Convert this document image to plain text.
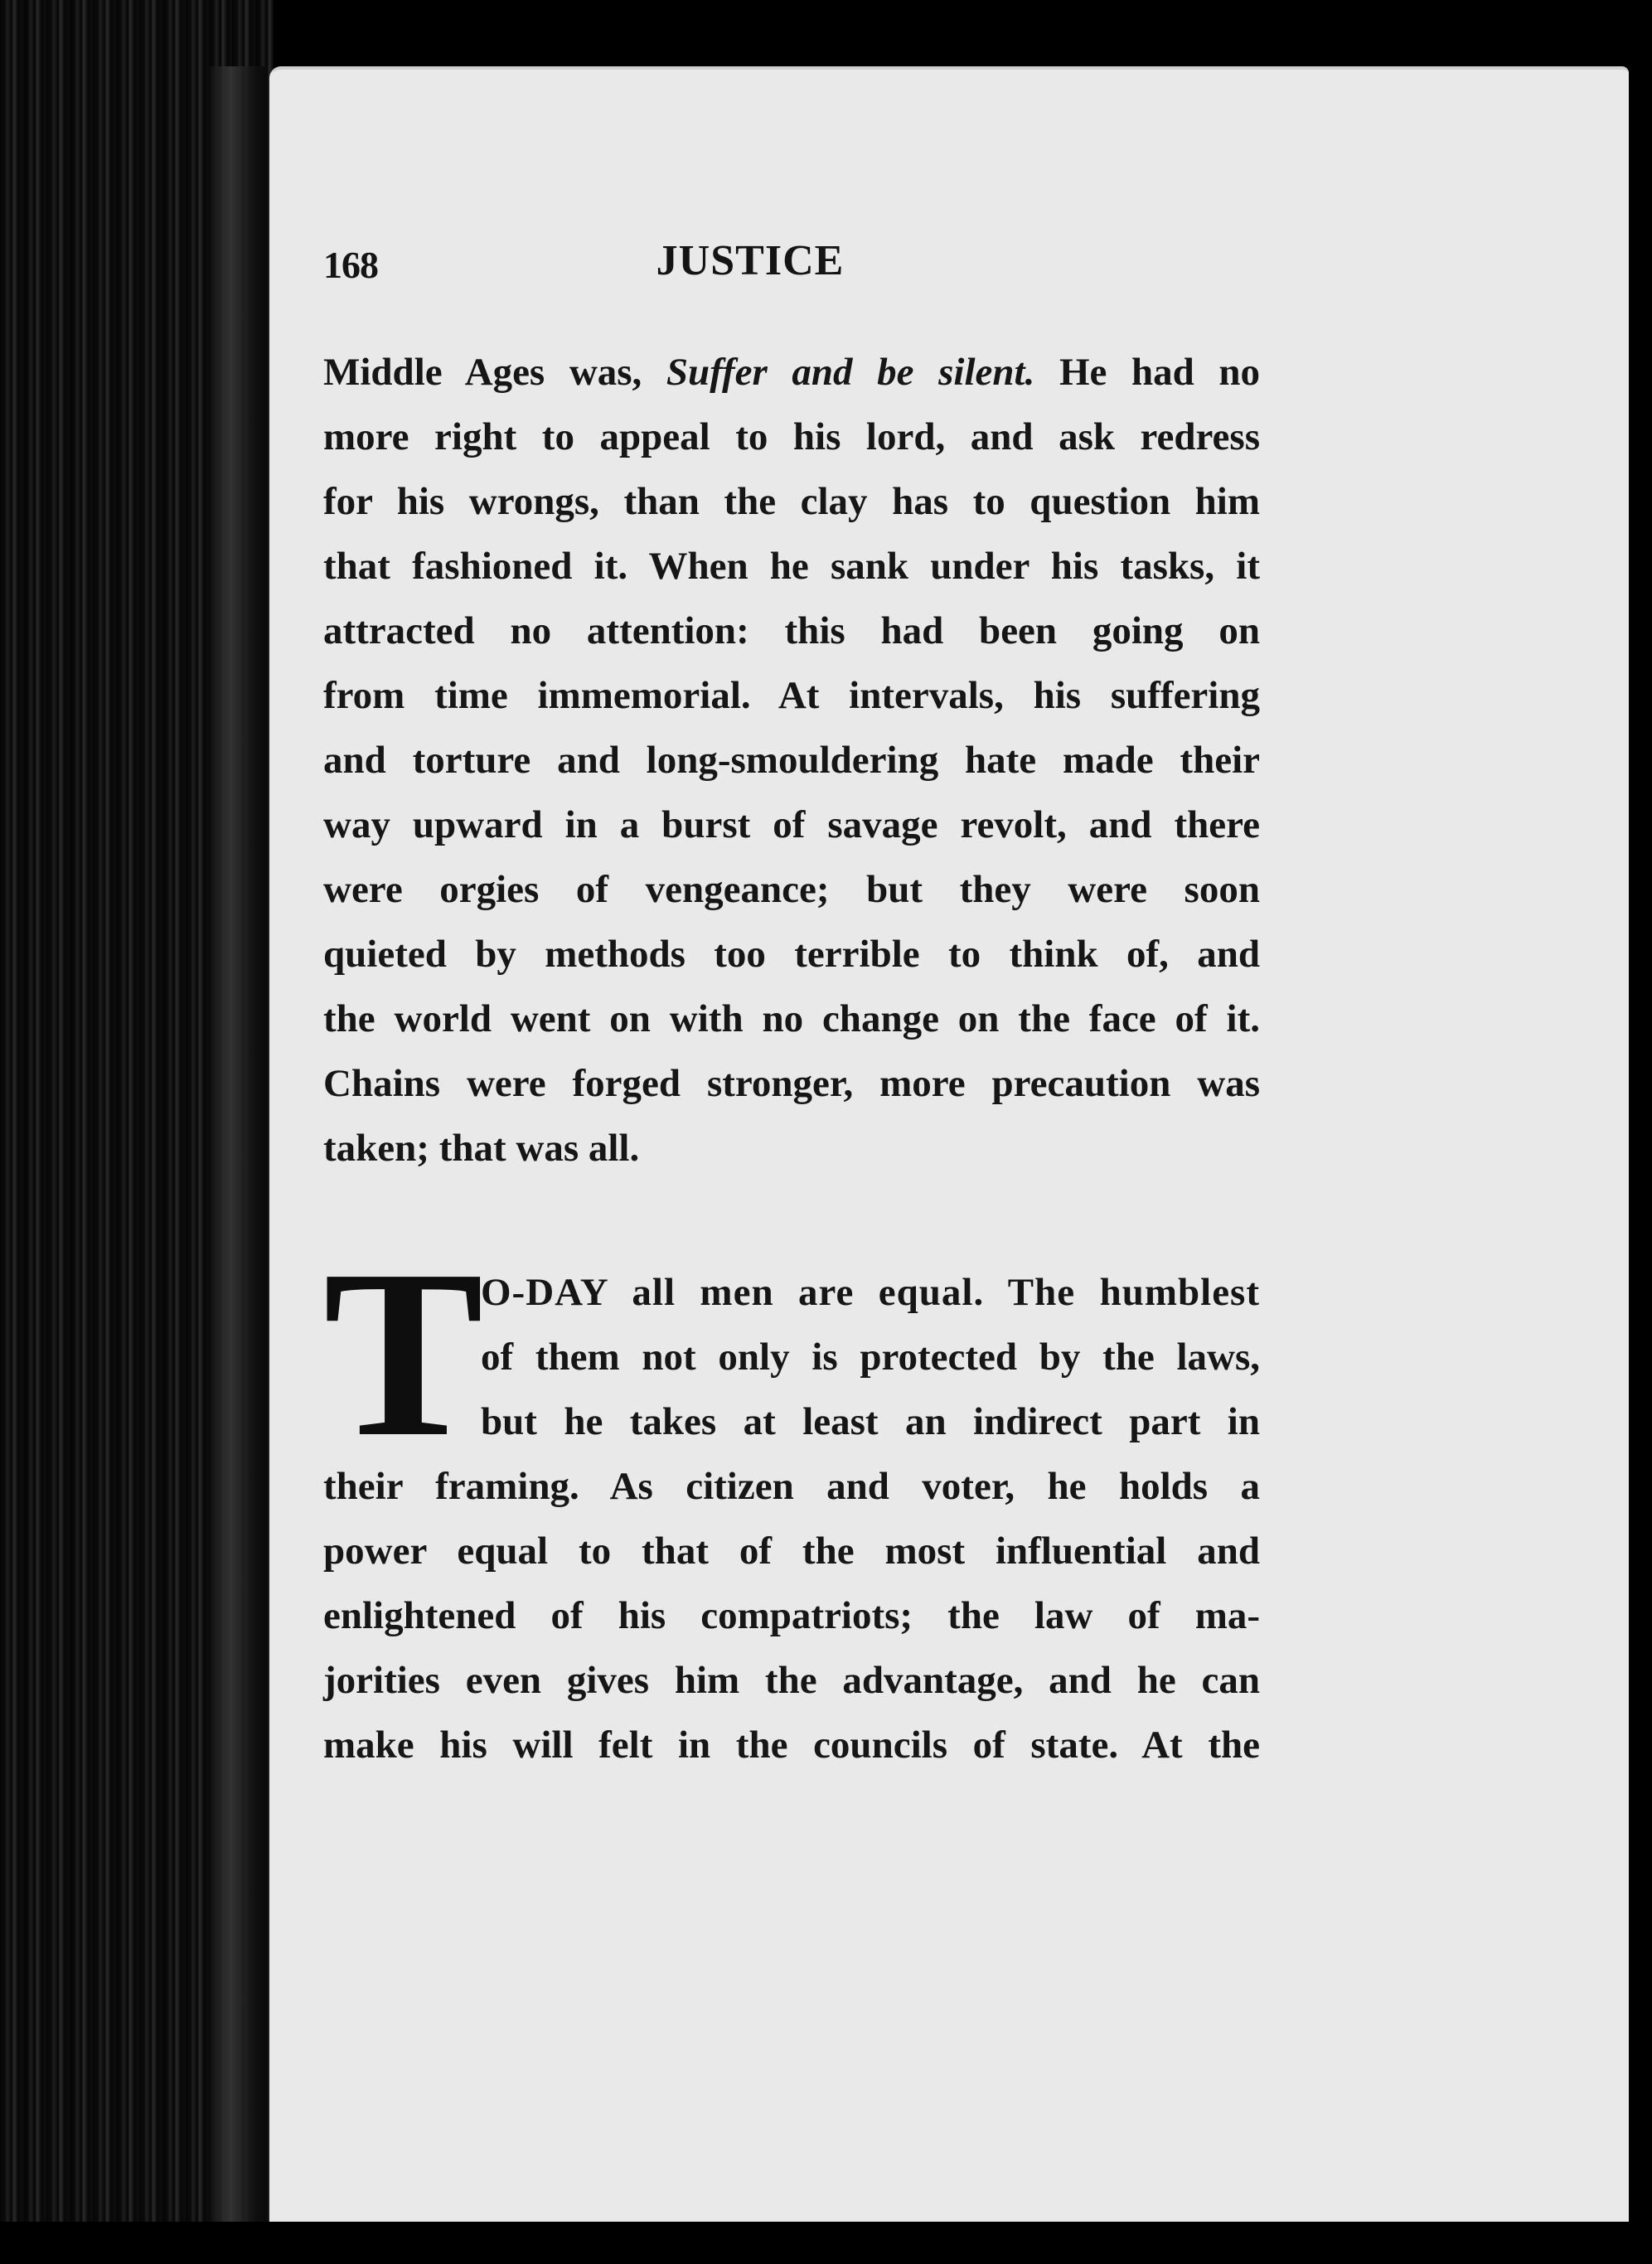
168	JUSTICE
Middle Ages was, Suffer and be silent. He had no
more right to appeal to his lord, and ask redress
for his wrongs, than the clay has to question him
that fashioned it. When he sank under his tasks, it
attracted no attention: this had been going on
from time immemorial. At intervals, his suffering
and torture and long-smouldering hate made their
way upward in a burst of savage revolt, and there
were orgies of vengeance; but they were soon
quieted by methods too terrible to think of, and
the world went on with no change on the face of it.
Chains were forged stronger, more precaution was
taken; that was all.
T
O-DAY all men are equal. The humblest
of them not only is protected by the laws,
but he takes at least an indirect part in
their framing. As citizen and voter, he holds a
power equal to that of the most influential and
enlightened of his compatriots; the law of ma-
jorities even gives him the advantage, and he can
make his will felt in the councils of state. At the
